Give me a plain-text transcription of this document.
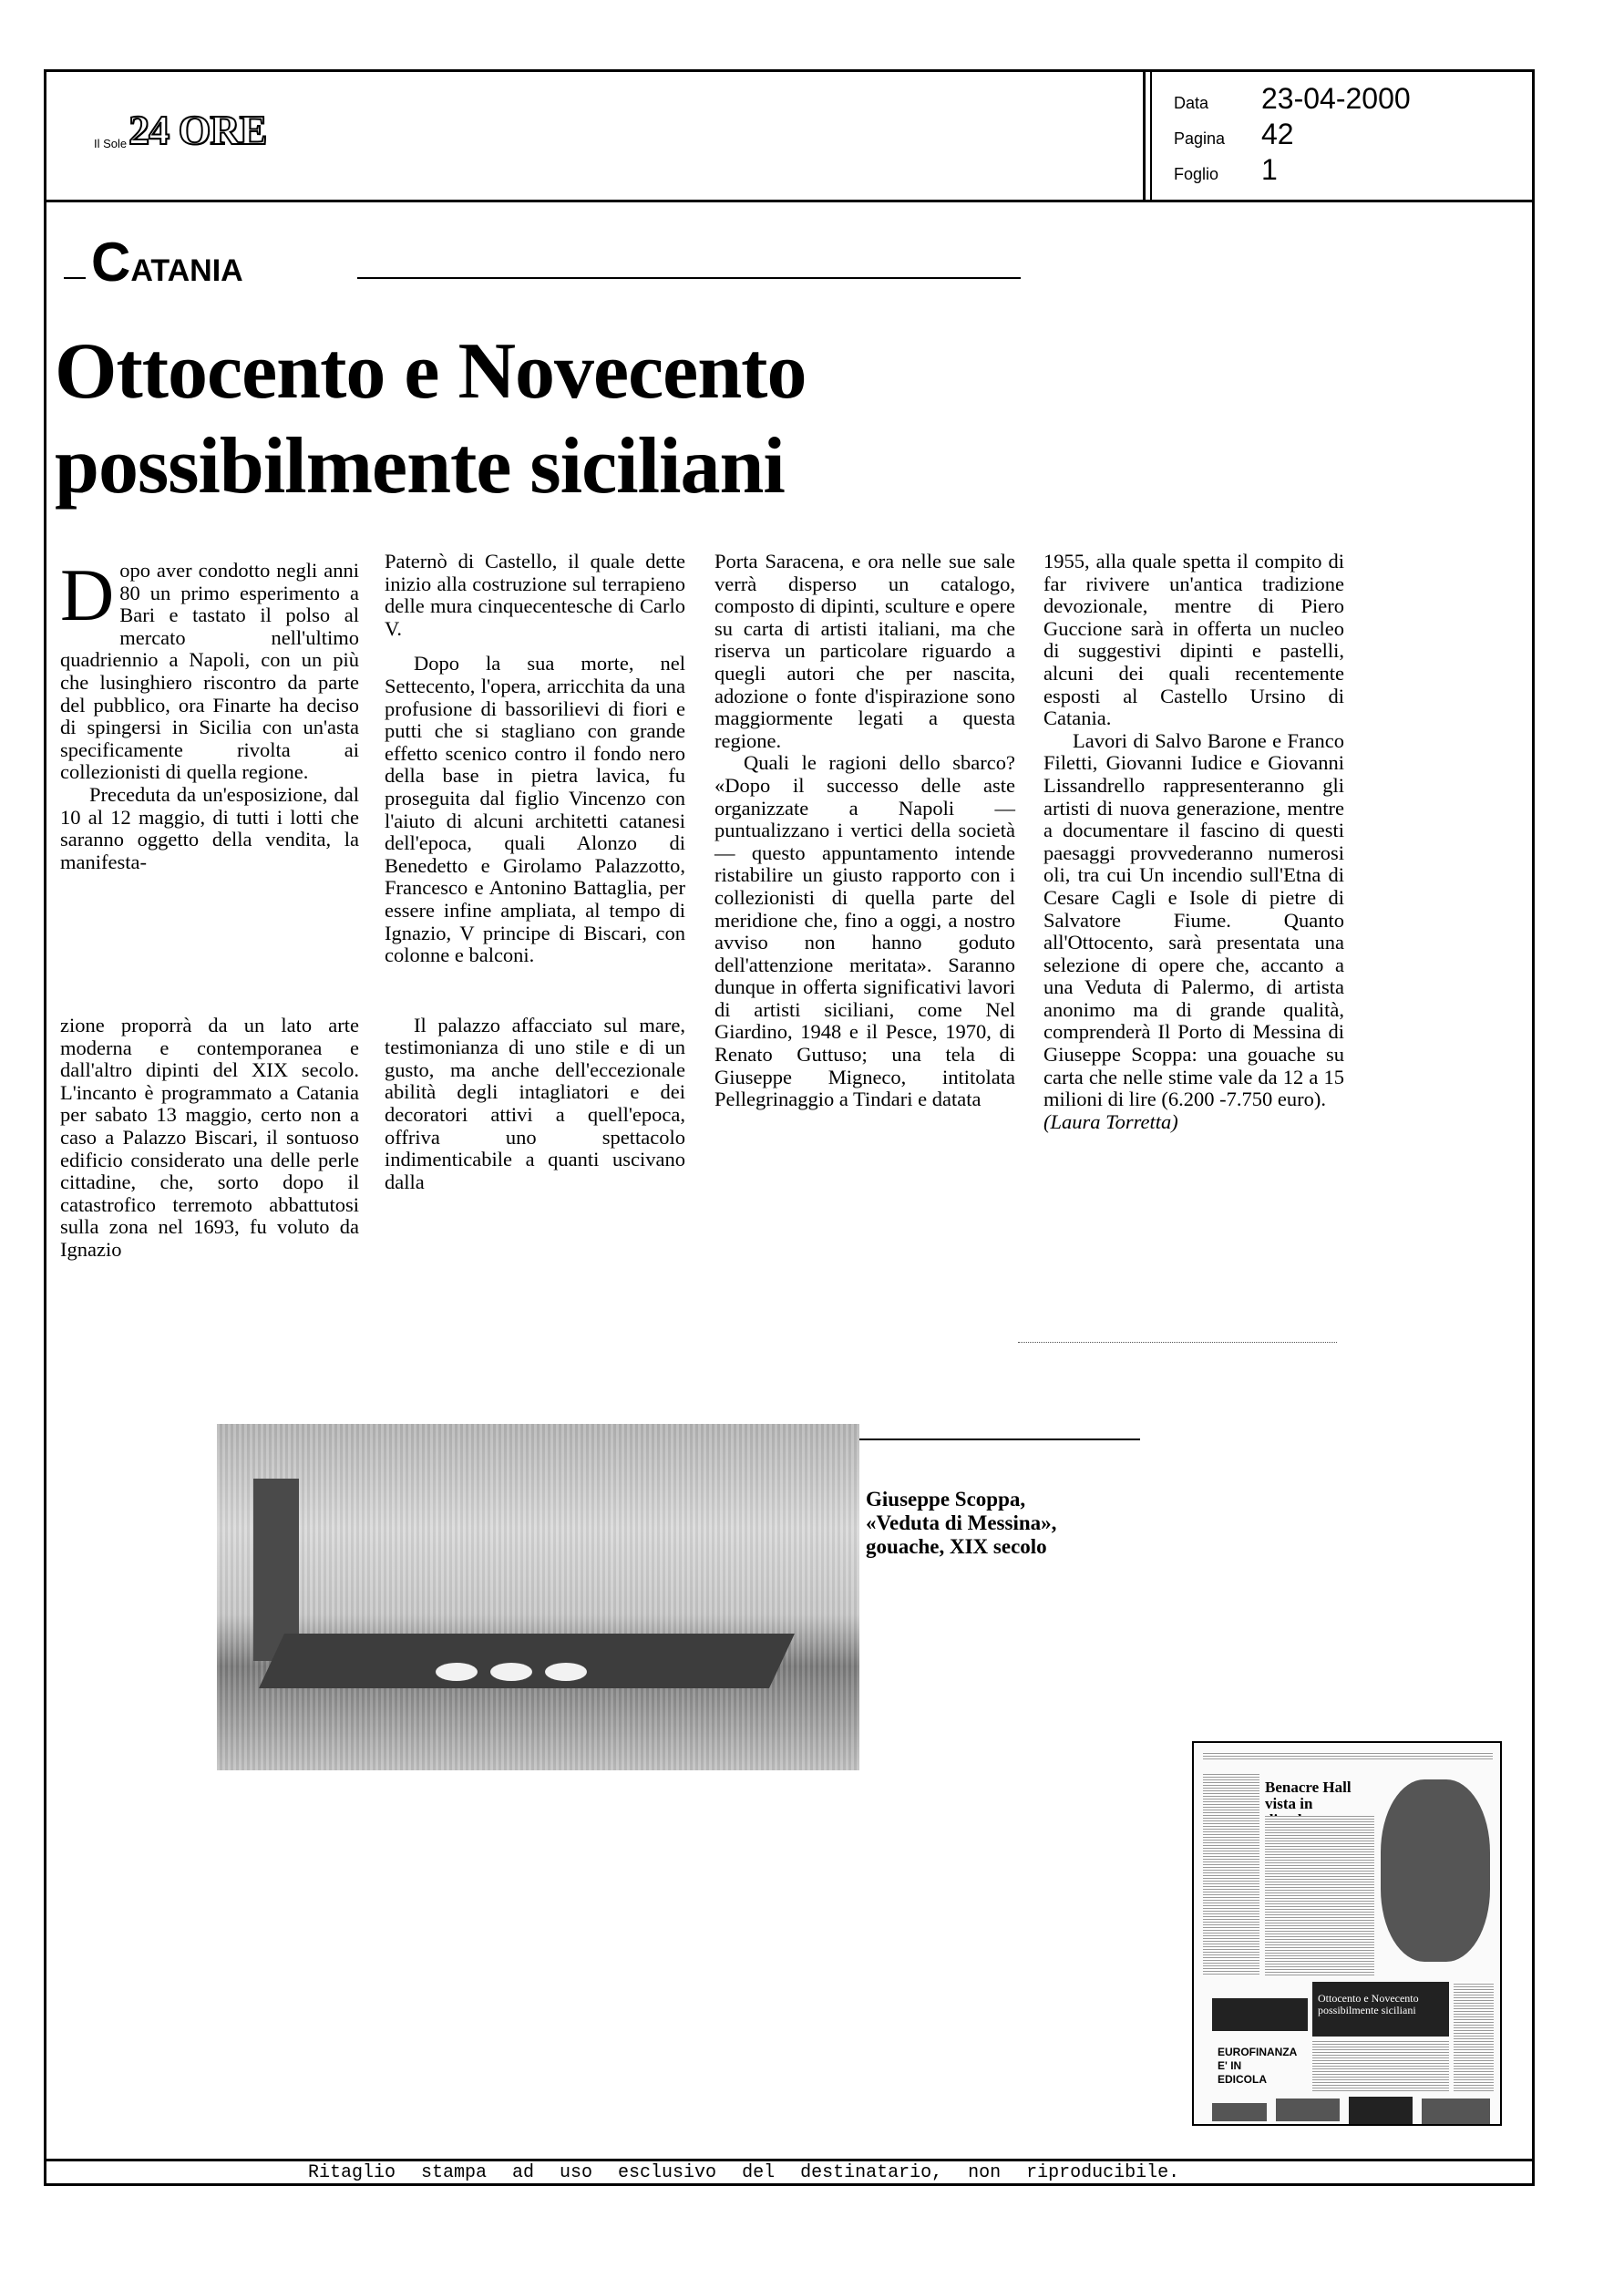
Il Sole 24 ORE
Data	23-04-2000
Pagina	42
Foglio	1
C ATANIA
Ottocento e Novecento
possibilmente siciliani

Dopo aver condotto negli anni 80 un primo esperimento a Bari e tastato il polso al mercato nell'ultimo quadriennio a Napoli, con un più che lusinghiero riscontro da parte del pubblico, ora Finarte ha deciso di spingersi in Sicilia con un'asta specificamente rivolta ai collezionisti di quella regione.

Preceduta da un'esposizione, dal 10 al 12 maggio, di tutti i lotti che saranno oggetto della vendita, la manifesta-

zione proporrà da un lato arte moderna e contemporanea e dall'altro dipinti del XIX secolo. L'incanto è programmato a Catania per sabato 13 maggio, certo non a caso a Palazzo Biscari, il sontuoso edificio considerato una delle perle cittadine, che, sorto dopo il catastrofico terremoto abbattutosi sulla zona nel 1693, fu voluto da Ignazio

Paternò di Castello, il quale dette inizio alla costruzione sul terrapieno delle mura cinquecentesche di Carlo V.

Dopo la sua morte, nel Settecento, l'opera, arricchita da una profusione di bassorilievi di fiori e putti che si stagliano con grande effetto scenico contro il fondo nero della base in pietra lavica, fu proseguita dal figlio Vincenzo con l'aiuto di alcuni architetti catanesi dell'epoca, quali Alonzo di Benedetto e Girolamo Palazzotto, Francesco e Antonino Battaglia, per essere infine ampliata, al tempo di Ignazio, V principe di Biscari, con colonne e balconi.

Il palazzo affacciato sul mare, testimonianza di uno stile e di un gusto, ma anche dell'eccezionale abilità degli intagliatori e dei decoratori attivi a quell'epoca, offriva uno spettacolo indimenticabile a quanti uscivano dalla

Porta Saracena, e ora nelle sue sale verrà disperso un catalogo, composto di dipinti, sculture e opere su carta di artisti italiani, ma che riserva un particolare riguardo a quegli autori che per nascita, adozione o fonte d'ispirazione sono maggiormente legati a questa regione.

Quali le ragioni dello sbarco? «Dopo il successo delle aste organizzate a Napoli — puntualizzano i vertici della società — questo appuntamento intende ristabilire un giusto rapporto con i collezionisti di quella parte del meridione che, fino a oggi, a nostro avviso non hanno goduto dell'attenzione meritata». Saranno dunque in offerta significativi lavori di artisti siciliani, come Nel Giardino, 1948 e il Pesce, 1970, di Renato Guttuso; una tela di Giuseppe Migneco, intitolata Pellegrinaggio a Tindari e datata

1955, alla quale spetta il compito di far rivivere un'antica tradizione devozionale, mentre di Piero Guccione sarà in offerta un nucleo di suggestivi dipinti e pastelli, alcuni dei quali recentemente esposti al Castello Ursino di Catania.

Lavori di Salvo Barone e Franco Filetti, Giovanni Iudice e Giovanni Lissandrello rappresenteranno gli artisti di nuova generazione, mentre a documentare il fascino di questi paesaggi provvederanno numerosi oli, tra cui Un incendio sull'Etna di Cesare Cagli e Isole di pietre di Salvatore Fiume. Quanto all'Ottocento, sarà presentata una selezione di opere che, accanto a una Veduta di Palermo, di artista anonimo ma di grande qualità, comprenderà Il Porto di Messina di Giuseppe Scoppa: una gouache su carta che nelle stime vale da 12 a 15 milioni di lire (6.200 -7.750 euro).

(Laura Torretta)

Giuseppe Scoppa,
«Veduta di Messina»,
gouache, XIX secolo
Benacre Hall vista in
Ottocento e Novecento possibilmente siciliani
EUROFINANZA
E' IN
EDICOLA
Ritaglio stampa ad uso esclusivo del destinatario, non riproducibile.
